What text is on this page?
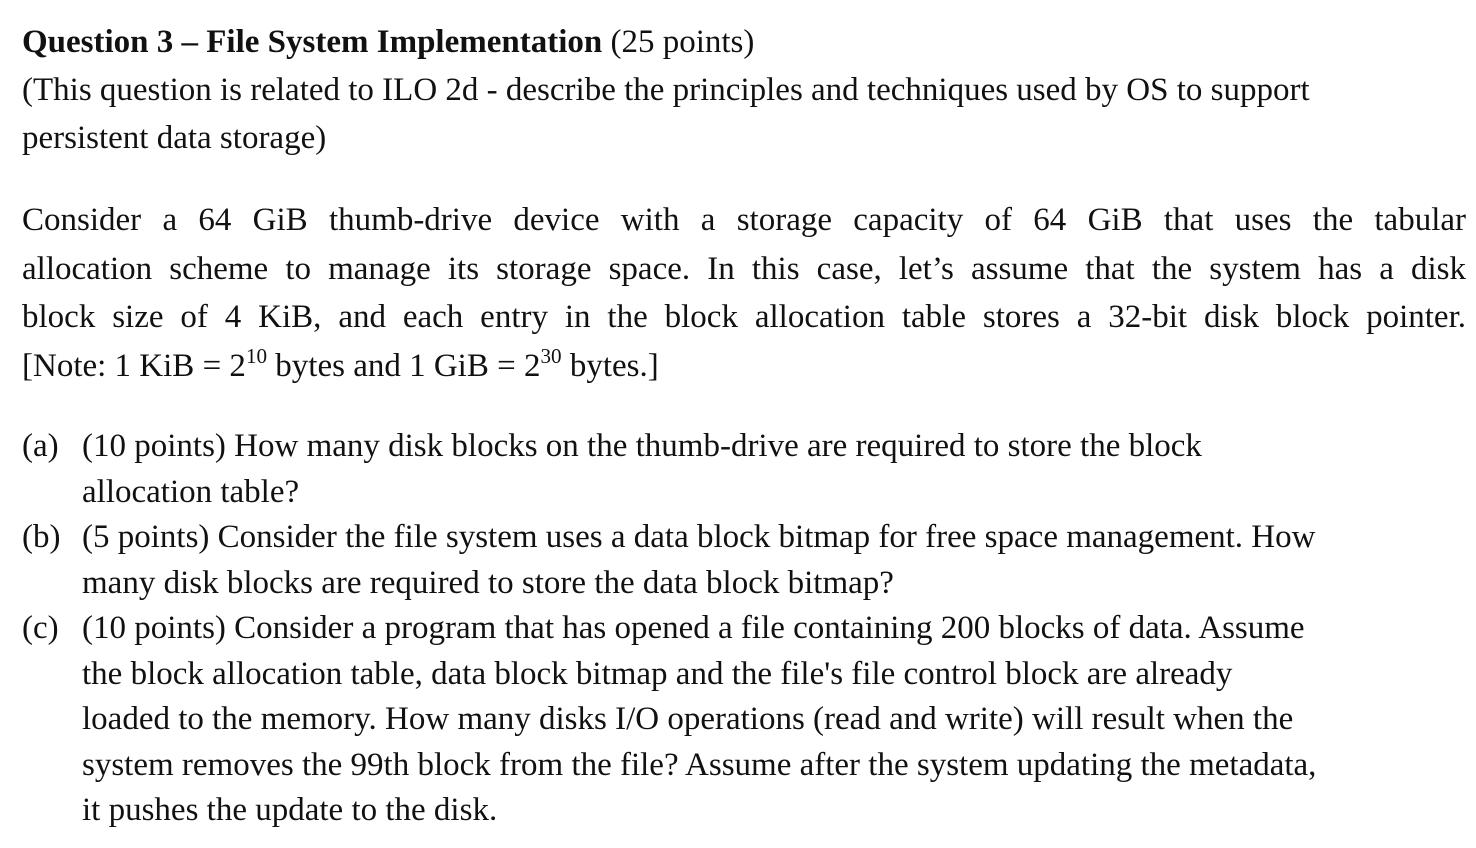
Question 3 – File System Implementation (25 points)
(This question is related to ILO 2d - describe the principles and techniques used by OS to support
persistent data storage)
Consider a 64 GiB thumb-drive device with a storage capacity of 64 GiB that uses the tabular
allocation scheme to manage its storage space. In this case, let’s assume that the system has a disk
block size of 4 KiB, and each entry in the block allocation table stores a 32-bit disk block pointer.
[Note: 1 KiB = $2^{10}$ bytes and 1 GiB = $2^{30}$ bytes.]
(a) (10 points) How many disk blocks on the thumb-drive are required to store the block
allocation table?
(b) (5 points) Consider the file system uses a data block bitmap for free space management. How
many disk blocks are required to store the data block bitmap?
(c) (10 points) Consider a program that has opened a file containing 200 blocks of data. Assume
the block allocation table, data block bitmap and the file's file control block are already
loaded to the memory. How many disks I/O operations (read and write) will result when the
system removes the 99th block from the file? Assume after the system updating the metadata,
it pushes the update to the disk.
